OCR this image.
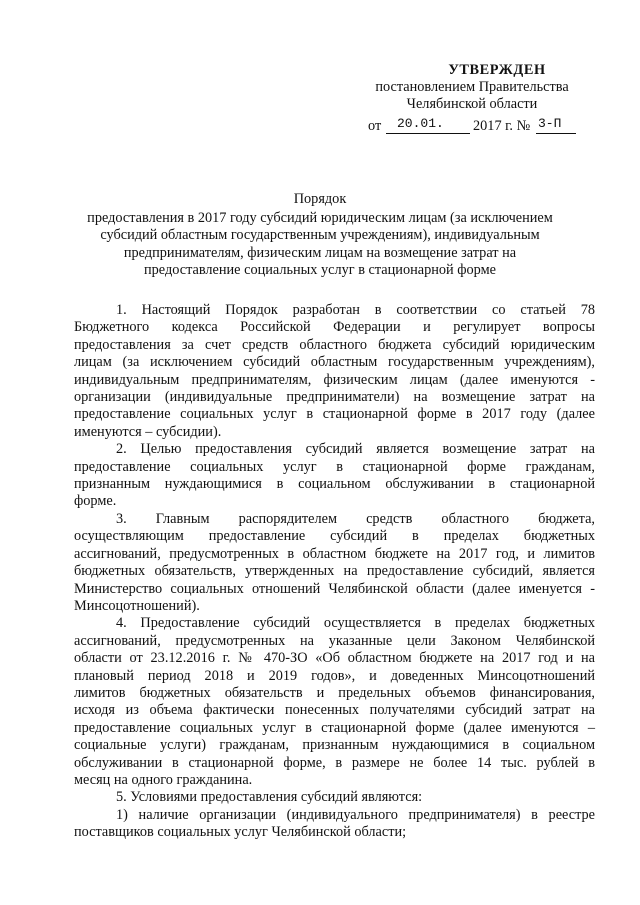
УТВЕРЖДЕН
постановлением Правительства
Челябинской области
от 20.01. 2017 г. № 3-П
Порядок
предоставления в 2017 году субсидий юридическим лицам (за исключением
субсидий областным государственным учреждениям), индивидуальным
предпринимателям, физическим лицам на возмещение затрат на
предоставление социальных услуг в стационарной форме
1. Настоящий Порядок разработан в соответствии со статьей 78
Бюджетного кодекса Российской Федерации и регулирует вопросы
предоставления за счет средств областного бюджета субсидий юридическим
лицам (за исключением субсидий областным государственным учреждениям),
индивидуальным предпринимателям, физическим лицам (далее именуются -
организации (индивидуальные предприниматели) на возмещение затрат на
предоставление социальных услуг в стационарной форме в 2017 году (далее
именуются – субсидии).
2. Целью предоставления субсидий является возмещение затрат на
предоставление социальных услуг в стационарной форме гражданам,
признанным нуждающимися в социальном обслуживании в стационарной
форме.
3. Главным распорядителем средств областного бюджета,
осуществляющим предоставление субсидий в пределах бюджетных
ассигнований, предусмотренных в областном бюджете на 2017 год, и лимитов
бюджетных обязательств, утвержденных на предоставление субсидий, является
Министерство социальных отношений Челябинской области (далее именуется -
Минсоцотношений).
4. Предоставление субсидий осуществляется в пределах бюджетных
ассигнований, предусмотренных на указанные цели Законом Челябинской
области от 23.12.2016 г. № 470-ЗО «Об областном бюджете на 2017 год и на
плановый период 2018 и 2019 годов», и доведенных Минсоцотношений
лимитов бюджетных обязательств и предельных объемов финансирования,
исходя из объема фактически понесенных получателями субсидий затрат на
предоставление социальных услуг в стационарной форме (далее именуются –
социальные услуги) гражданам, признанным нуждающимися в социальном
обслуживании в стационарной форме, в размере не более 14 тыс. рублей в
месяц на одного гражданина.
5. Условиями предоставления субсидий являются:
1) наличие организации (индивидуального предпринимателя) в реестре
поставщиков социальных услуг Челябинской области;
